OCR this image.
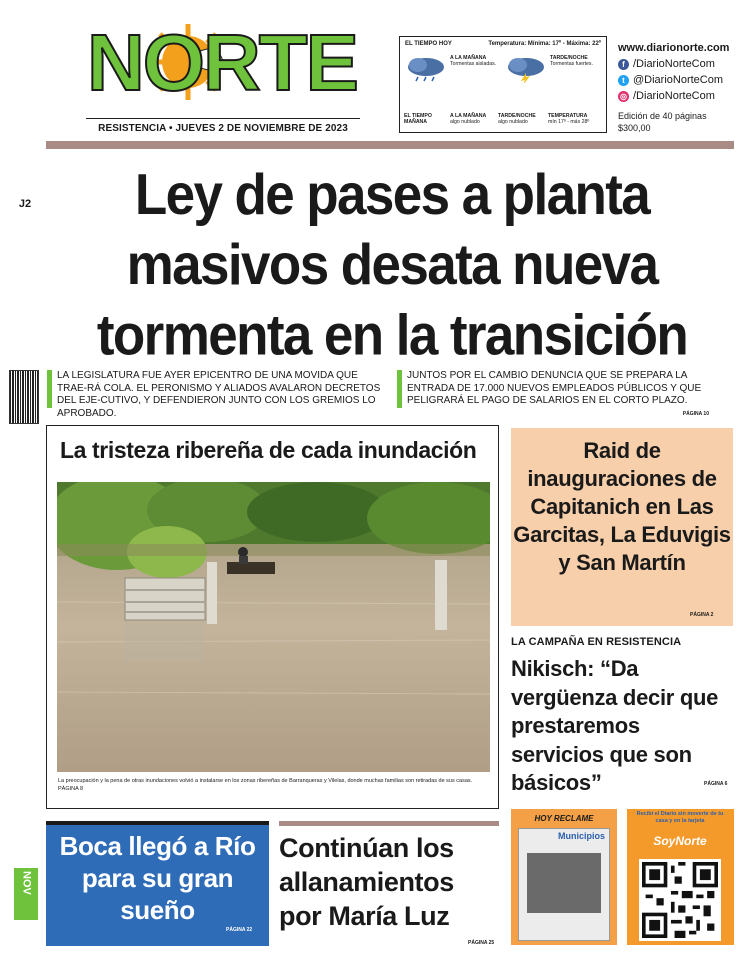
NORTE
RESISTENCIA • JUEVES 2 DE NOVIEMBRE DE 2023
EL TIEMPO HOY	Temperatura: Mínima: 17º - Máxima: 22º
A LA MAÑANA
Tormentas aisladas.
TARDE/NOCHE
Tormentas fuertes.
EL TIEMPO MAÑANA
A LA MAÑANA
algo nublado
TARDE/NOCHE
algo nublado
TEMPERATURA
mín 17º - máx 28º
www.diarionorte.com
f /DiarioNorteCom
t @DiarioNorteCom
◎ /DiarioNorteCom
Edición de 40 páginas
$300,00
J2	Ley de pases a planta masivos desata nueva tormenta en la transición
LA LEGISLATURA FUE AYER EPICENTRO DE UNA MOVIDA QUE TRAE-RÁ COLA. EL PERONISMO Y ALIADOS AVALARON DECRETOS DEL EJE-CUTIVO, Y DEFENDIERON JUNTO CON LOS GREMIOS LO APROBADO.
JUNTOS POR EL CAMBIO DENUNCIA QUE SE PREPARA LA ENTRADA DE 17.000 NUEVOS EMPLEADOS PÚBLICOS Y QUE PELIGRARÁ EL PAGO DE SALARIOS EN EL CORTO PLAZO.
PÁGINA 10
La tristeza ribereña de cada inundación
La preocupación y la pena de otras inundaciones volvió a instalarse en los zonas ribereñas de Barranqueras y Vilelas, donde muchas familias son retiradas de sus casas. PÁGINA 8
Raid de inauguraciones de Capitanich en Las Garcitas, La Eduvigis y San Martín
PÁGINA 2
LA CAMPAÑA EN RESISTENCIA
Nikisch: “Da vergüenza decir que prestaremos servicios que son básicos”	PÁGINA 6
NOV
Boca llegó a Río para su gran sueño
PÁGINA 22
Continúan los allanamientos por María Luz
PÁGINA 25
HOY RECLAME
Municipios
Recibí el Diario sin moverte de tu casa y en la tarjeta
SoyNorte
